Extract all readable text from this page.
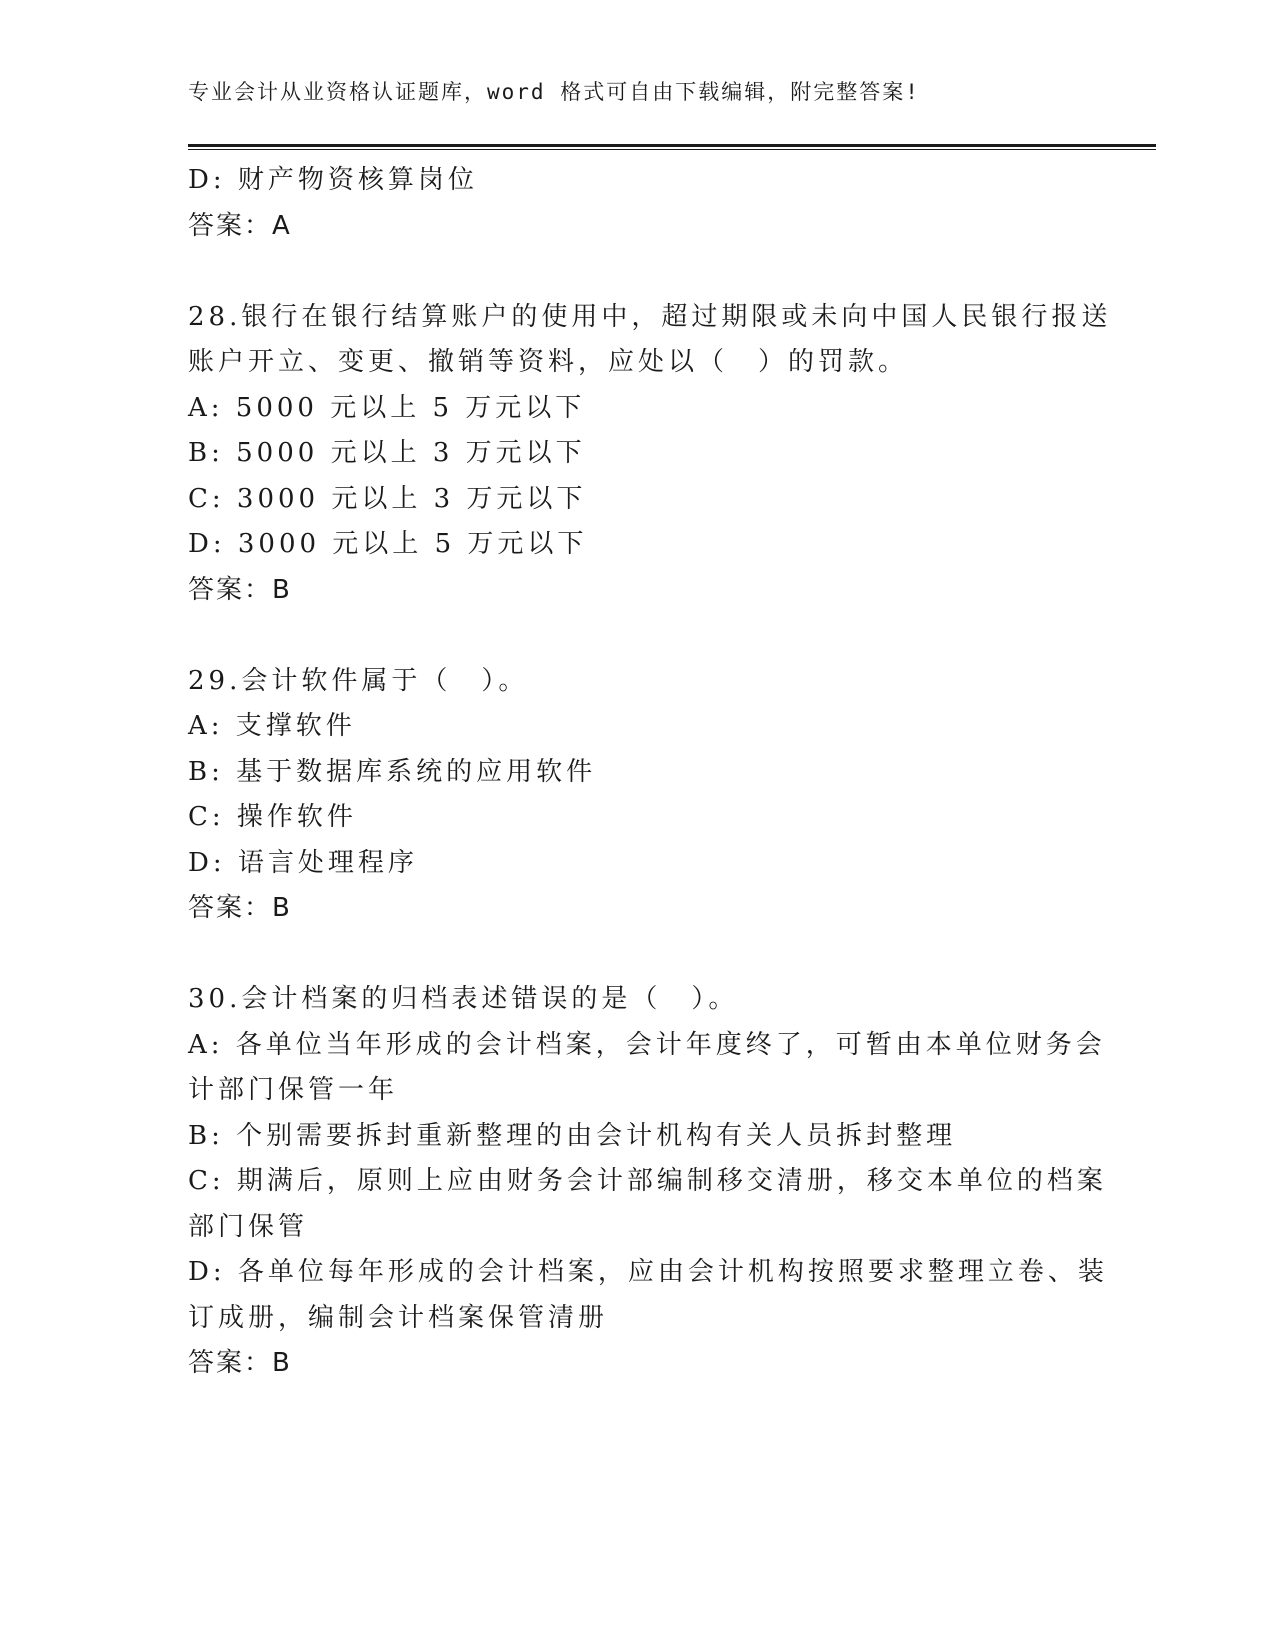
专业会计从业资格认证题库，word 格式可自由下载编辑，附完整答案!
D: 财产物资核算岗位
答案：A
28.银行在银行结算账户的使用中，超过期限或未向中国人民银行报送
账户开立、变更、撤销等资料，应处以（　）的罚款。
A: 5000 元以上 5 万元以下
B: 5000 元以上 3 万元以下
C: 3000 元以上 3 万元以下
D: 3000 元以上 5 万元以下
答案：B
29.会计软件属于（　）。
A: 支撑软件
B: 基于数据库系统的应用软件
C: 操作软件
D: 语言处理程序
答案：B
30.会计档案的归档表述错误的是（　）。
A: 各单位当年形成的会计档案，会计年度终了，可暂由本单位财务会
计部门保管一年
B: 个别需要拆封重新整理的由会计机构有关人员拆封整理
C: 期满后，原则上应由财务会计部编制移交清册，移交本单位的档案
部门保管
D: 各单位每年形成的会计档案，应由会计机构按照要求整理立卷、装
订成册，编制会计档案保管清册
答案：B
